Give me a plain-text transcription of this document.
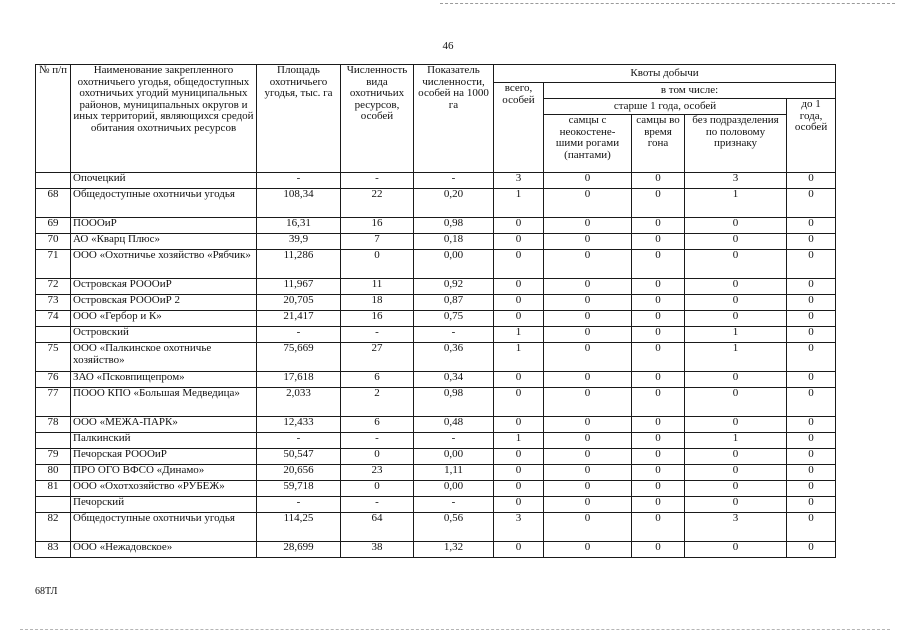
46
№ п/п	Наименование закрепленного охотничьего угодья, общедоступных охотничьих угодий муниципальных районов, муниципальных округов и иных территорий, являющихся средой обитания охотничьих ресурсов	Площадь охотничьего угодья, тыс. га	Численность вида охотничьих ресурсов, особей	Показатель численности, особей на 1000 га	Квоты добычи				
					всего, особей	в том числе:			
						старше 1 года, особей			до 1 года, особей
						самцы с неокостене-шими рогами (пантами)	самцы во время гона	без подразделения по половому признаку	
	Опочецкий	-	-	-	3	0	0	3	0
68	Общедоступные охотничьи угодья	108,34	22	0,20	1	0	0	1	0
69	ПОООиР	16,31	16	0,98	0	0	0	0	0
70	АО «Кварц Плюс»	39,9	7	0,18	0	0	0	0	0
71	ООО «Охотничье хозяйство «Рябчик»	11,286	0	0,00	0	0	0	0	0
72	Островская РОООиР	11,967	11	0,92	0	0	0	0	0
73	Островская РОООиР 2	20,705	18	0,87	0	0	0	0	0
74	ООО «Гербор и К»	21,417	16	0,75	0	0	0	0	0
	Островский	-	-	-	1	0	0	1	0
75	ООО «Палкинское охотничье хозяйство»	75,669	27	0,36	1	0	0	1	0
76	ЗАО «Псковпищепром»	17,618	6	0,34	0	0	0	0	0
77	ПООО КПО «Большая Медведица»	2,033	2	0,98	0	0	0	0	0
78	ООО «МЕЖА-ПАРК»	12,433	6	0,48	0	0	0	0	0
	Палкинский	-	-	-	1	0	0	1	0
79	Печорская РОООиР	50,547	0	0,00	0	0	0	0	0
80	ПРО ОГО ВФСО «Динамо»	20,656	23	1,11	0	0	0	0	0
81	ООО «Охотхозяйство «РУБЕЖ»	59,718	0	0,00	0	0	0	0	0
	Печорский	-	-	-	0	0	0	0	0
82	Общедоступные охотничьи угодья	114,25	64	0,56	3	0	0	3	0
83	ООО «Нежадовское»	28,699	38	1,32	0	0	0	0	0
68ТЛ
